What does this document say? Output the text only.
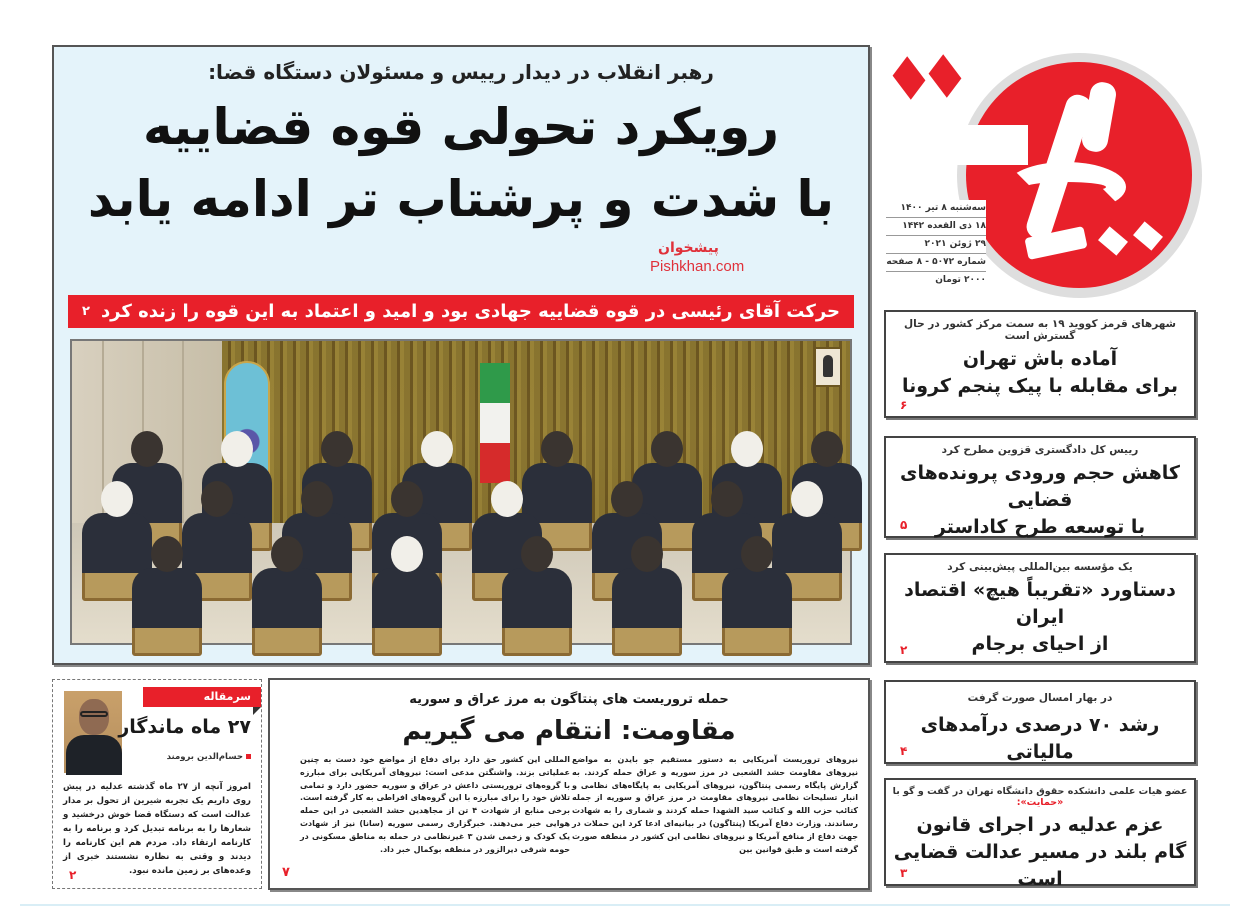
رهبر انقلاب در دیدار رییس و مسئولان دستگاه قضا:
رویکرد تحولی قوه قضاییه
با شدت و پرشتاب تر ادامه یابد
پیشخوان Pishkhan.com
حرکت آقای رئیسی در قوه قضاییه جهادی بود و امید و اعتماد به این قوه را زنده کرد
۲
سه‌شنبه ۸ تیر ۱۴۰۰
۱۸ ذی القعده ۱۴۴۲
۲۹ ژوئن ۲۰۲۱
شماره ۵۰۷۲ - ۸ صفحه
۲۰۰۰ تومان
شهرهای قرمز کووید ۱۹ به سمت مرکز کشور در حال گسترش است
آماده باش تهران
برای مقابله با پیک پنجم کرونا
۶
رییس کل دادگستری قزوین مطرح کرد
کاهش حجم ورودی پرونده‌های قضایی
با توسعه طرح کاداستر
۵
یک مؤسسه بین‌المللی پیش‌بینی کرد
دستاورد «تقریباً هیچ» اقتصاد ایران
از احیای برجام
۲
در بهار امسال صورت گرفت
رشد ۷۰ درصدی درآمدهای مالیاتی
۴
عضو هیات علمی دانشکده حقوق دانشگاه تهران در گفت و گو با «حمایت»:
عزم عدلیه در اجرای قانون
گام بلند در مسیر عدالت قضایی است
۳
حمله تروریست های پنتاگون به مرز عراق و سوریه
مقاومت: انتقام می گیریم

نیروهای تروریست آمریکایی به دستور مستقیم جو بایدن به مواضع نیروهای مقاومت حشد الشعبی در مرز سوریه و عراق حمله کردند. به گزارش پایگاه رسمی پنتاگون، نیروهای آمریکایی به پایگاه‌های نظامی و انبار تسلیحات نظامی نیروهای مقاومت در مرز عراق و سوریه از جمله کتائب حزب الله و کتائب سید الشهدا حمله کردند و شماری را به شهادت رساندند. وزارت دفاع آمریکا (پنتاگون) در بیانیه‌ای ادعا کرد این حملات در جهت دفاع از منافع آمریکا و نیروهای نظامی این کشور در منطقه صورت گرفته است و طبق قوانین بین

المللی این کشور حق دارد برای دفاع از مواضع خود دست به چنین عملیاتی بزند. واشنگتن مدعی است: نیروهای آمریکایی برای مبارزه با گروه‌های تروریستی داعش در عراق و سوریه حضور دارد و تمامی تلاش خود را برای مبارزه با این گروه‌های افراطی به کار گرفته است. برخی منابع از شهادت ۴ تن از مجاهدین حشد الشعبی در این حمله هوایی خبر می‌دهند. خبرگزاری رسمی سوریه (سانا) نیز از شهادت یک کودک و زخمی شدن ۳ غیرنظامی در حمله به مناطق مسکونی در حومه شرقی دیرالزور در منطقه بوکمال خبر داد.

۷
سرمقاله
۲۷ ماه ماندگار
حسام‌الدین برومند

امروز آنچه از ۲۷ ماه گذشته عدلیه در پیش روی داریم یک تجربه شیرین از تحول بر مدار عدالت است که دستگاه قضا خوش درخشید و شعارها را به برنامه تبدیل کرد و برنامه را به کارنامه ارتقاء داد. مردم هم این کارنامه را دیدند و وقتی به نظاره نشستند خبری از وعده‌های بر زمین مانده نبود.

۲
